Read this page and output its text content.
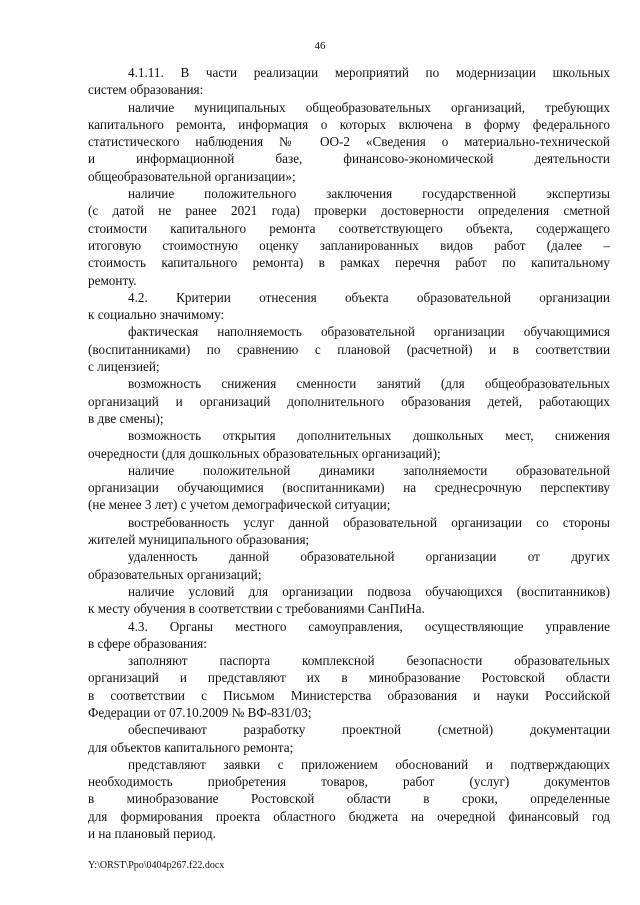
46
4.1.11. В части реализации мероприятий по модернизации школьных
систем образования:
наличие муниципальных общеобразовательных организаций, требующих
капитального ремонта, информация о которых включена в форму федерального
статистического наблюдения № ОО-2 «Сведения о материально-технической
и информационной базе, финансово-экономической деятельности
общеобразовательной организации»;
наличие положительного заключения государственной экспертизы
(с датой не ранее 2021 года) проверки достоверности определения сметной
стоимости капитального ремонта соответствующего объекта, содержащего
итоговую стоимостную оценку запланированных видов работ (далее –
стоимость капитального ремонта) в рамках перечня работ по капитальному
ремонту.
4.2. Критерии отнесения объекта образовательной организации
к социально значимому:
фактическая наполняемость образовательной организации обучающимися
(воспитанниками) по сравнению с плановой (расчетной) и в соответствии
с лицензией;
возможность снижения сменности занятий (для общеобразовательных
организаций и организаций дополнительного образования детей, работающих
в две смены);
возможность открытия дополнительных дошкольных мест, снижения
очередности (для дошкольных образовательных организаций);
наличие положительной динамики заполняемости образовательной
организации обучающимися (воспитанниками) на среднесрочную перспективу
(не менее 3 лет) с учетом демографической ситуации;
востребованность услуг данной образовательной организации со стороны
жителей муниципального образования;
удаленность данной образовательной организации от других
образовательных организаций;
наличие условий для организации подвоза обучающихся (воспитанников)
к месту обучения в соответствии с требованиями СанПиНа.
4.3. Органы местного самоуправления, осуществляющие управление
в сфере образования:
заполняют паспорта комплексной безопасности образовательных
организаций и представляют их в минобразование Ростовской области
в соответствии с Письмом Министерства образования и науки Российской
Федерации от 07.10.2009 № ВФ-831/03;
обеспечивают разработку проектной (сметной) документации
для объектов капитального ремонта;
представляют заявки с приложением обоснований и подтверждающих
необходимость приобретения товаров, работ (услуг) документов
в минобразование Ростовской области в сроки, определенные
для формирования проекта областного бюджета на очередной финансовый год
и на плановый период.
Y:\ORST\Ppo\0404p267.f22.docx
